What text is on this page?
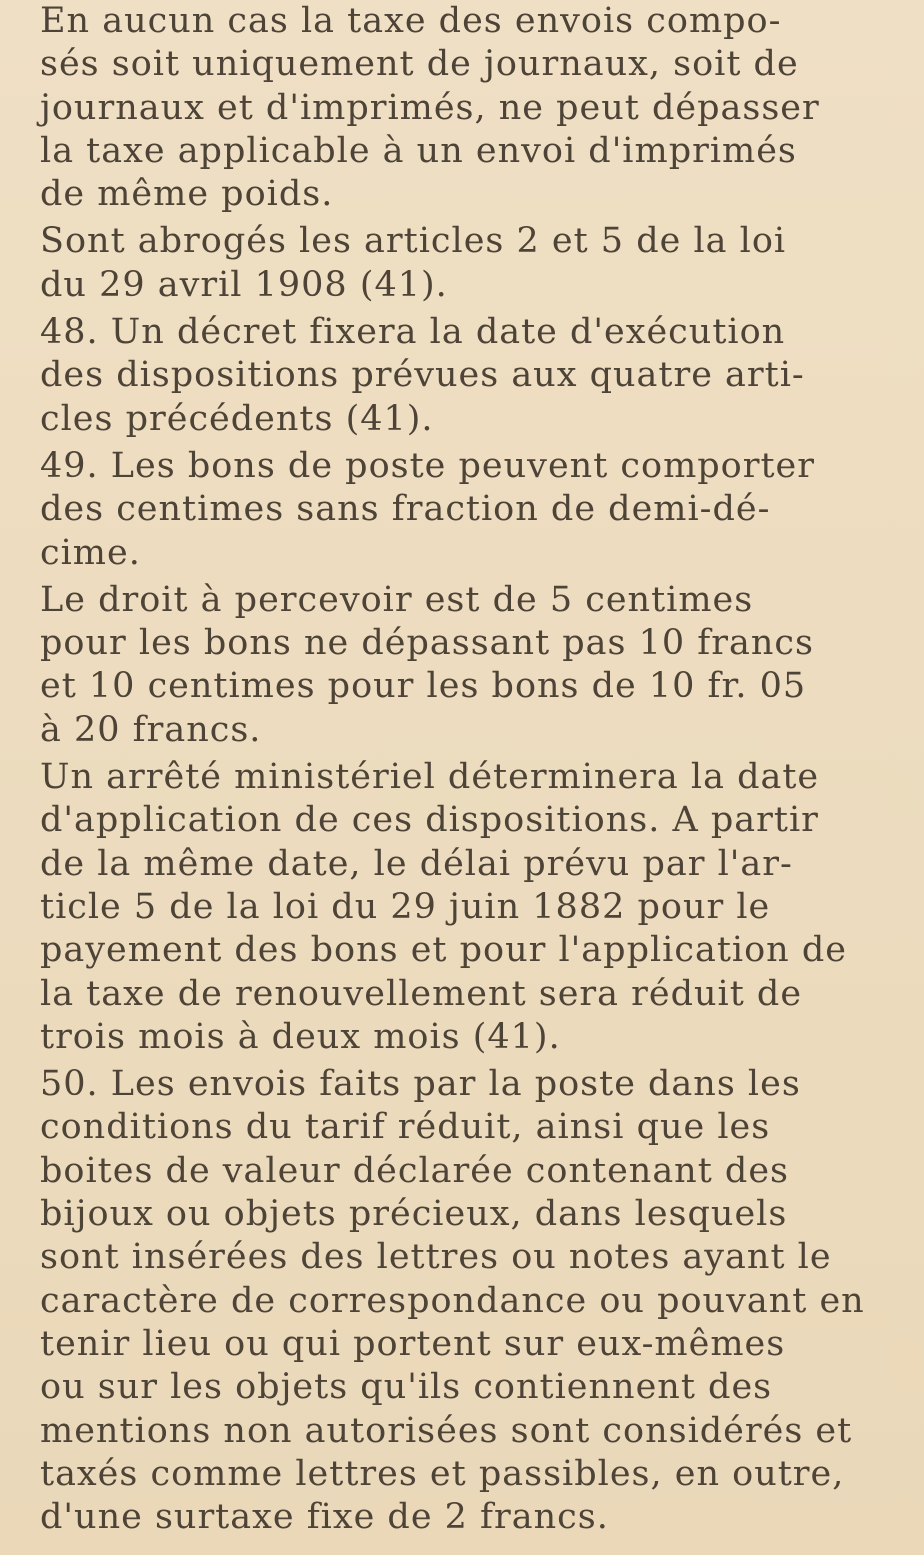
En aucun cas la taxe des envois compo-
sés soit uniquement de journaux, soit de
journaux et d'imprimés, ne peut dépasser
la taxe applicable à un envoi d'imprimés
de même poids.
Sont abrogés les articles 2 et 5 de la loi
du 29 avril 1908 (41).
48. Un décret fixera la date d'exécution
des dispositions prévues aux quatre arti-
cles précédents (41).
49. Les bons de poste peuvent comporter
des centimes sans fraction de demi-dé-
cime.
Le droit à percevoir est de 5 centimes
pour les bons ne dépassant pas 10 francs
et 10 centimes pour les bons de 10 fr. 05
à 20 francs.
Un arrêté ministériel déterminera la date
d'application de ces dispositions. A partir
de la même date, le délai prévu par l'ar-
ticle 5 de la loi du 29 juin 1882 pour le
payement des bons et pour l'application de
la taxe de renouvellement sera réduit de
trois mois à deux mois (41).
50. Les envois faits par la poste dans les
conditions du tarif réduit, ainsi que les
boites de valeur déclarée contenant des
bijoux ou objets précieux, dans lesquels
sont insérées des lettres ou notes ayant le
caractère de correspondance ou pouvant en
tenir lieu ou qui portent sur eux-mêmes
ou sur les objets qu'ils contiennent des
mentions non autorisées sont considérés et
taxés comme lettres et passibles, en outre,
d'une surtaxe fixe de 2 francs.
